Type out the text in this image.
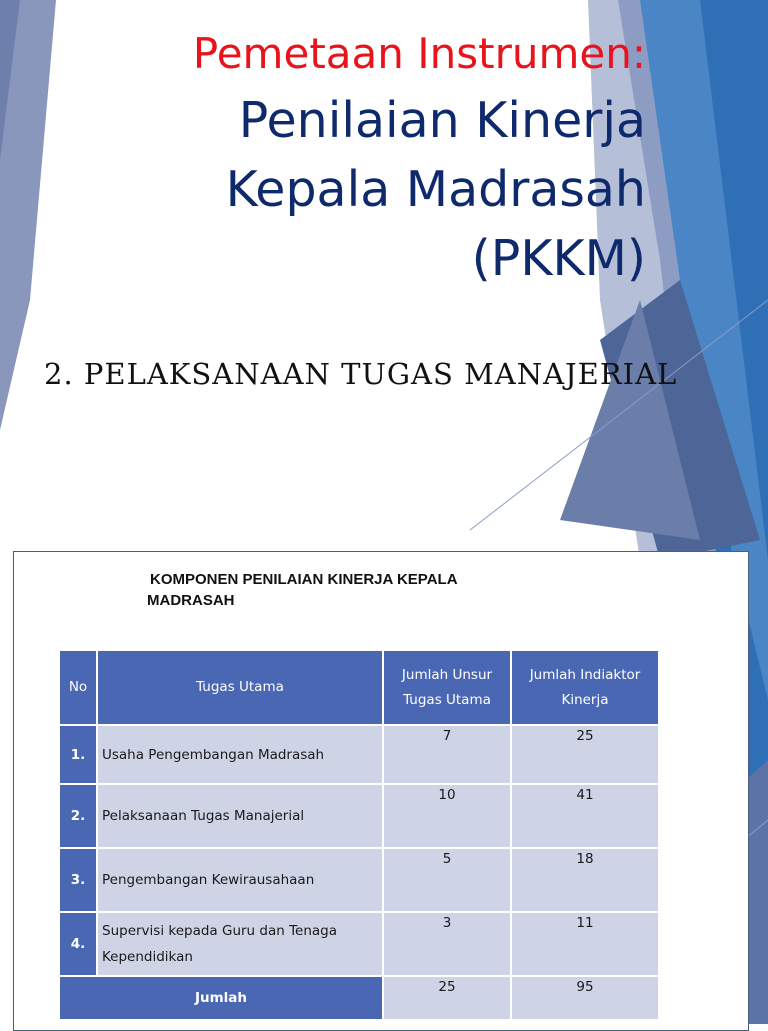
Pemetaan Instrumen:
Penilaian Kinerja
Kepala Madrasah
(PKKM)

2. PELAKSANAAN TUGAS MANAJERIAL

KOMPONEN PENILAIAN KINERJA KEPALA
MADRASAH

No	Tugas Utama	Jumlah Unsur Tugas Utama	Jumlah Indiaktor Kinerja
1.	Usaha Pengembangan Madrasah	7	25
2.	Pelaksanaan Tugas Manajerial	10	41
3.	Pengembangan Kewirausahaan	5	18
4.	Supervisi kepada Guru dan Tenaga Kependidikan	3	11
Jumlah		25	95
